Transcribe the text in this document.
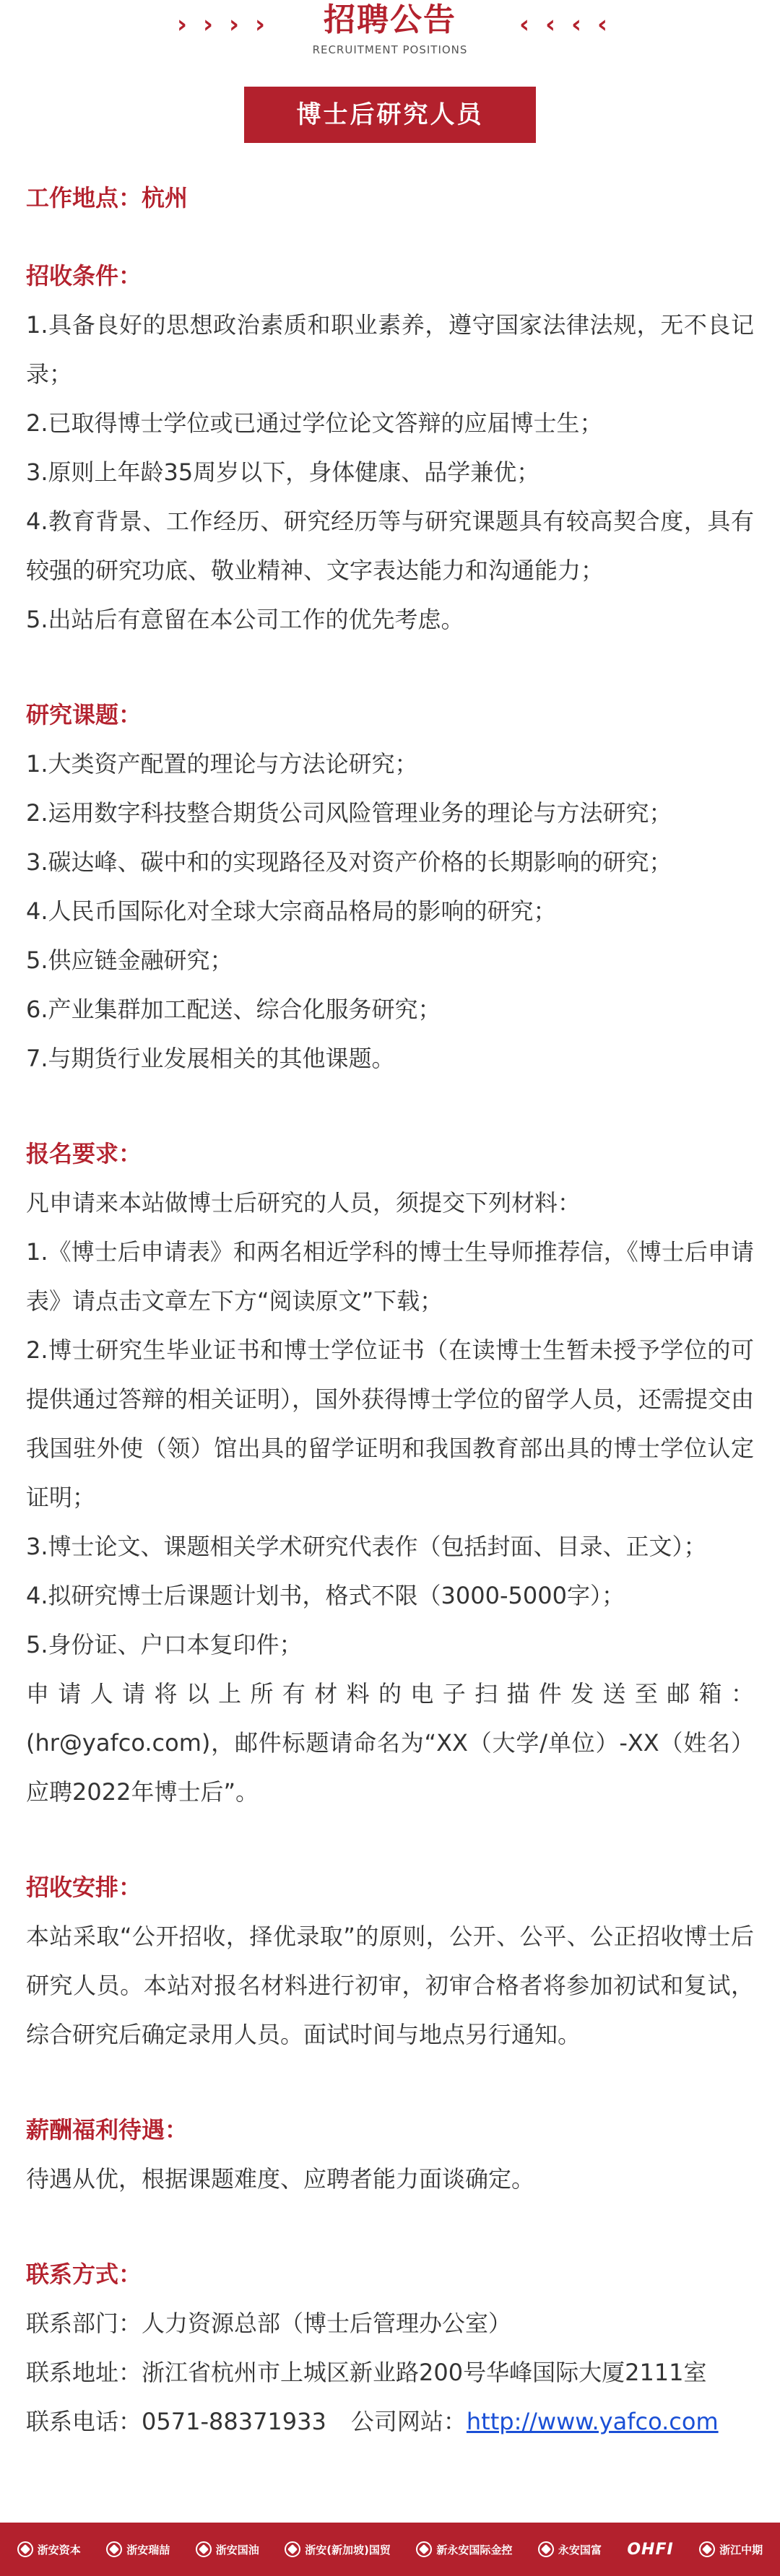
› › › ›	招聘公告	‹ ‹ ‹ ‹
RECRUITMENT POSITIONS
博士后研究人员
工作地点：杭州
招收条件：
1.具备良好的思想政治素质和职业素养，遵守国家法律法规，无不良记录；
2.已取得博士学位或已通过学位论文答辩的应届博士生；
3.原则上年龄35周岁以下，身体健康、品学兼优；
4.教育背景、工作经历、研究经历等与研究课题具有较高契合度，具有较强的研究功底、敬业精神、文字表达能力和沟通能力；
5.出站后有意留在本公司工作的优先考虑。
研究课题：
1.大类资产配置的理论与方法论研究；
2.运用数字科技整合期货公司风险管理业务的理论与方法研究；
3.碳达峰、碳中和的实现路径及对资产价格的长期影响的研究；
4.人民币国际化对全球大宗商品格局的影响的研究；
5.供应链金融研究；
6.产业集群加工配送、综合化服务研究；
7.与期货行业发展相关的其他课题。
报名要求：
凡申请来本站做博士后研究的人员，须提交下列材料：
1.《博士后申请表》和两名相近学科的博士生导师推荐信，《博士后申请表》请点击文章左下方“阅读原文”下载；
2.博士研究生毕业证书和博士学位证书（在读博士生暂未授予学位的可提供通过答辩的相关证明），国外获得博士学位的留学人员，还需提交由我国驻外使（领）馆出具的留学证明和我国教育部出具的博士学位认定证明；
3.博士论文、课题相关学术研究代表作（包括封面、目录、正文）；
4.拟研究博士后课题计划书，格式不限（3000-5000字）；
5.身份证、户口本复印件；
申请人请将以上所有材料的电子扫描件发送至邮箱：(hr@yafco.com)，邮件标题请命名为“XX（大学/单位）-XX（姓名）应聘2022年博士后”。
招收安排：
本站采取“公开招收，择优录取”的原则，公开、公平、公正招收博士后研究人员。本站对报名材料进行初审，初审合格者将参加初试和复试，综合研究后确定录用人员。面试时间与地点另行通知。
薪酬福利待遇：
待遇从优，根据课题难度、应聘者能力面谈确定。
联系方式：
联系部门：人力资源总部（博士后管理办公室）
联系地址：浙江省杭州市上城区新业路200号华峰国际大厦2111室
联系电话：0571-88371933 公司网站：http://www.yafco.com
浙安资本	浙安瑞喆	浙安国油	浙安(新加坡)国贸	新永安国际金控	永安国富 OHFI	浙江中期
